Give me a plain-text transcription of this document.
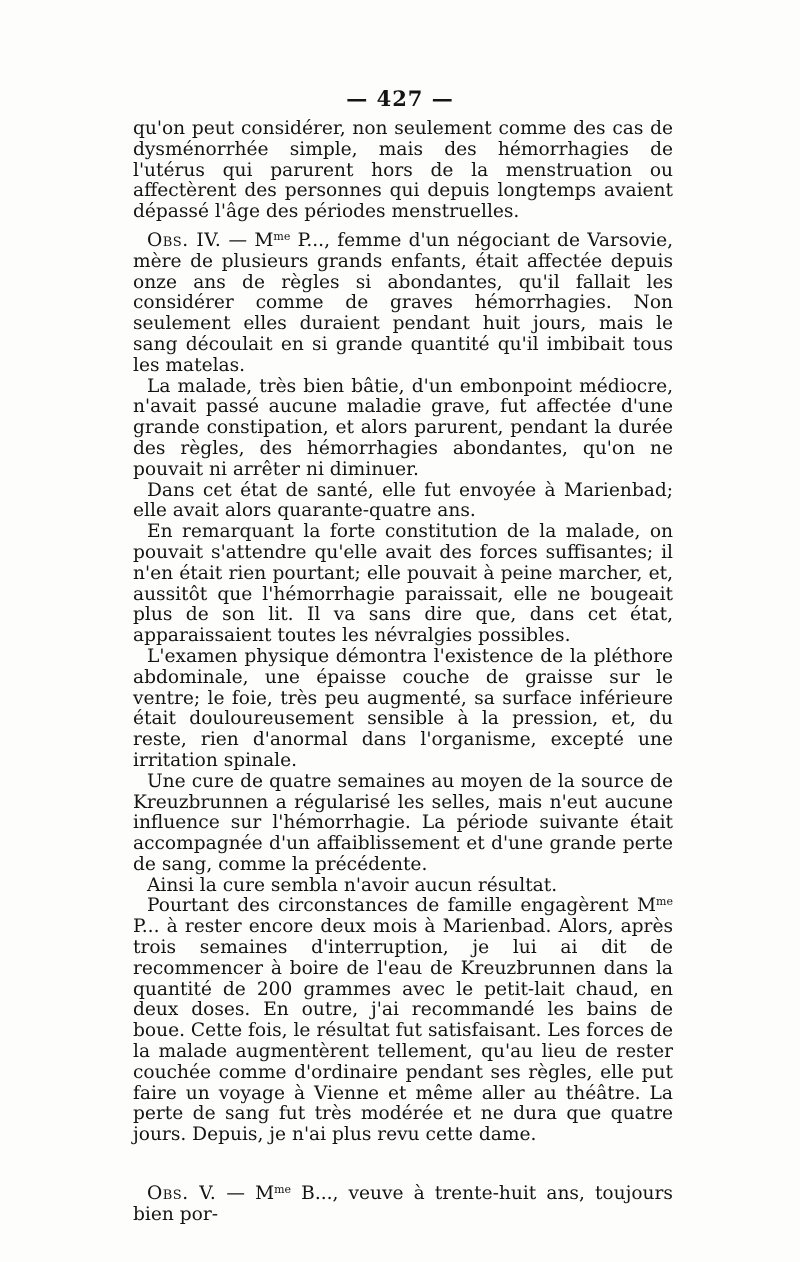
— 427 —

qu'on peut considérer, non seulement comme des cas de dysménorrhée simple, mais des hémorrhagies de l'utérus qui parurent hors de la menstruation ou affectèrent des personnes qui depuis longtemps avaient dépassé l'âge des périodes menstruelles.

Obs. IV. — $M^{me}$ P..., femme d'un négociant de Varsovie, mère de plusieurs grands enfants, était affectée depuis onze ans de règles si abondantes, qu'il fallait les considérer comme de graves hémorrhagies. Non seulement elles duraient pendant huit jours, mais le sang découlait en si grande quantité qu'il imbibait tous les matelas.

La malade, très bien bâtie, d'un embonpoint médiocre, n'avait passé aucune maladie grave, fut affectée d'une grande constipation, et alors parurent, pendant la durée des règles, des hémorrhagies abondantes, qu'on ne pouvait ni arrêter ni diminuer.

Dans cet état de santé, elle fut envoyée à Marienbad; elle avait alors quarante-quatre ans.

En remarquant la forte constitution de la malade, on pouvait s'attendre qu'elle avait des forces suffisantes; il n'en était rien pourtant; elle pouvait à peine marcher, et, aussitôt que l'hémorrhagie paraissait, elle ne bougeait plus de son lit. Il va sans dire que, dans cet état, apparaissaient toutes les névralgies possibles.

L'examen physique démontra l'existence de la pléthore abdominale, une épaisse couche de graisse sur le ventre; le foie, très peu augmenté, sa surface inférieure était douloureusement sensible à la pression, et, du reste, rien d'anormal dans l'organisme, excepté une irritation spinale.

Une cure de quatre semaines au moyen de la source de Kreuzbrunnen a régularisé les selles, mais n'eut aucune influence sur l'hémorrhagie. La période suivante était accompagnée d'un affaiblissement et d'une grande perte de sang, comme la précédente.

Ainsi la cure sembla n'avoir aucun résultat.

Pourtant des circonstances de famille engagèrent $M^{me}$ P... à rester encore deux mois à Marienbad. Alors, après trois semaines d'interruption, je lui ai dit de recommencer à boire de l'eau de Kreuzbrunnen dans la quantité de 200 grammes avec le petit-lait chaud, en deux doses. En outre, j'ai recommandé les bains de boue. Cette fois, le résultat fut satisfaisant. Les forces de la malade augmentèrent tellement, qu'au lieu de rester couchée comme d'ordinaire pendant ses règles, elle put faire un voyage à Vienne et même aller au théâtre. La perte de sang fut très modérée et ne dura que quatre jours. Depuis, je n'ai plus revu cette dame.

Obs. V. — $M^{me}$ B..., veuve à trente-huit ans, toujours bien por-
